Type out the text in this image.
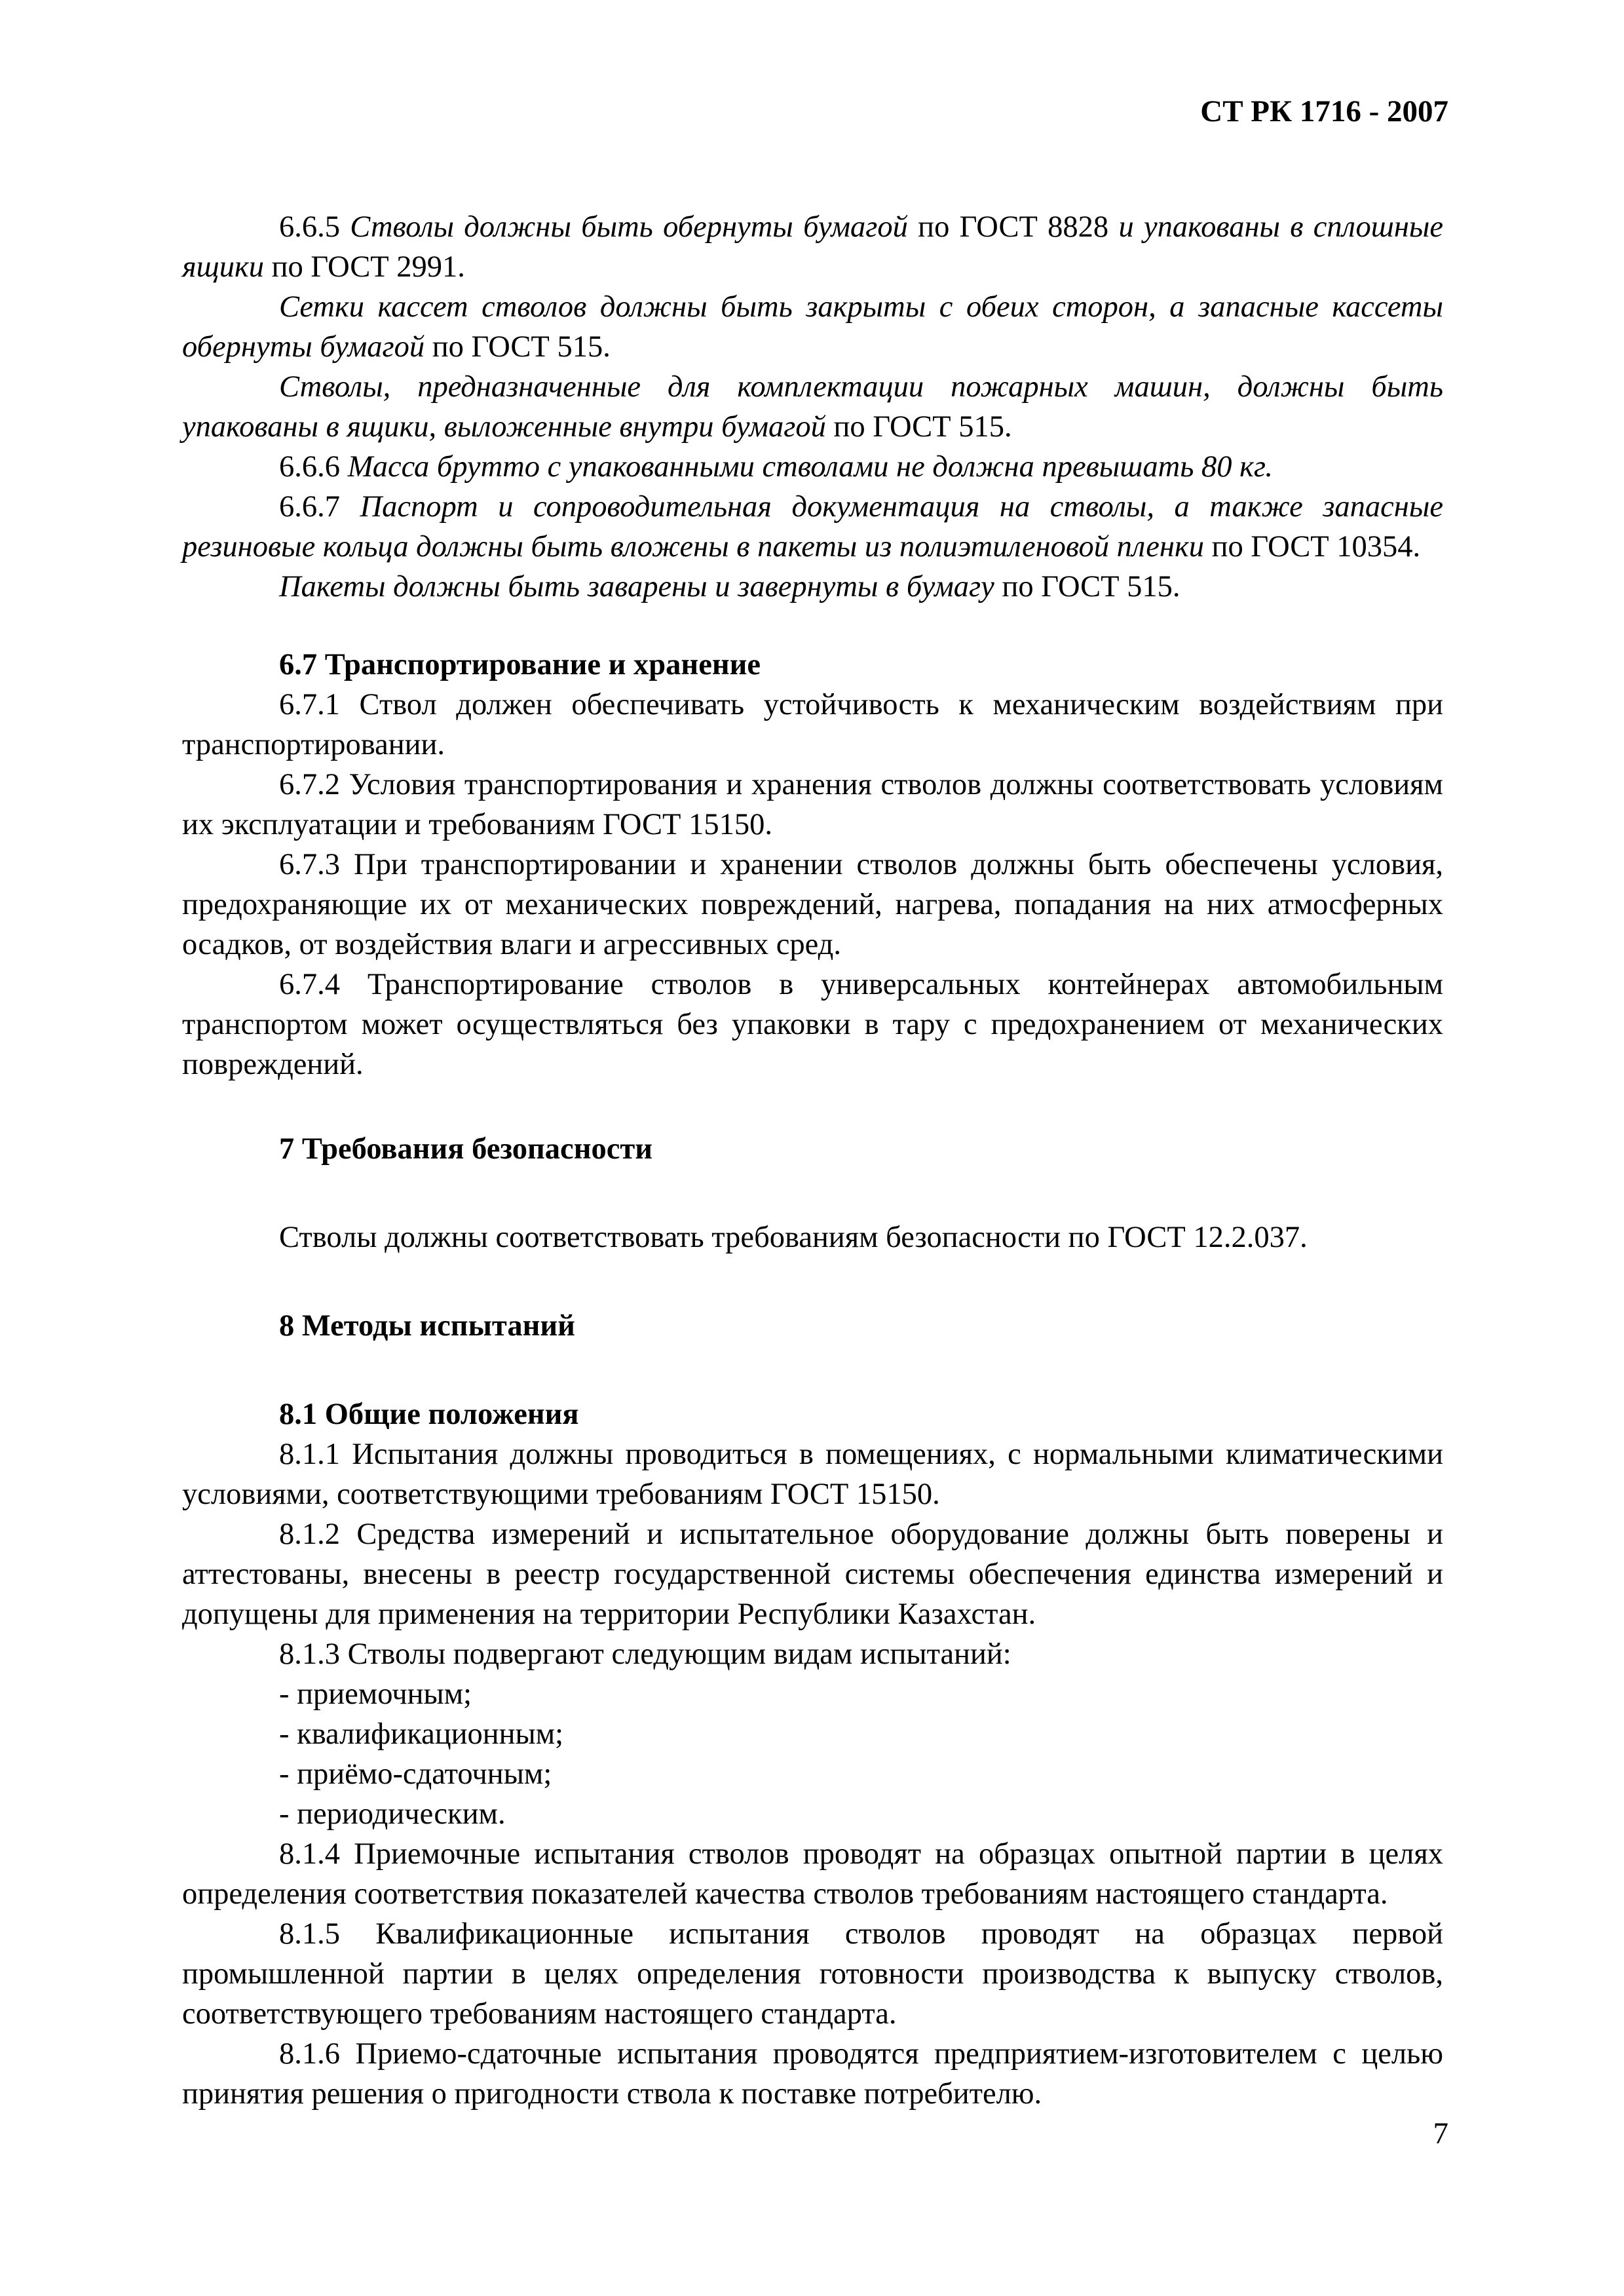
СТ РК 1716 - 2007

6.6.5 Стволы должны быть обернуты бумагой по ГОСТ 8828 и упакованы в сплошные ящики по ГОСТ 2991.

Сетки кассет стволов должны быть закрыты с обеих сторон, а запасные кассеты обернуты бумагой по ГОСТ 515.

Стволы, предназначенные для комплектации пожарных машин, должны быть упакованы в ящики, выложенные внутри бумагой по ГОСТ 515.

6.6.6 Масса брутто с упакованными стволами не должна превышать 80 кг.

6.6.7 Паспорт и сопроводительная документация на стволы, а также запасные резиновые кольца должны быть вложены в пакеты из полиэтиленовой пленки по ГОСТ 10354.

Пакеты должны быть заварены и завернуты в бумагу по ГОСТ 515.

6.7 Транспортирование и хранение

6.7.1 Ствол должен обеспечивать устойчивость к механическим воздействиям при транспортировании.

6.7.2 Условия транспортирования и хранения стволов должны соответствовать условиям их эксплуатации и требованиям ГОСТ 15150.

6.7.3 При транспортировании и хранении стволов должны быть обеспечены условия, предохраняющие их от механических повреждений, нагрева, попадания на них атмосферных осадков, от воздействия влаги и агрессивных сред.

6.7.4 Транспортирование стволов в универсальных контейнерах автомобильным транспортом может осуществляться без упаковки в тару с предохранением от механических повреждений.

7 Требования безопасности

Стволы должны соответствовать требованиям безопасности по ГОСТ 12.2.037.

8 Методы испытаний

8.1 Общие положения

8.1.1 Испытания должны проводиться в помещениях, с нормальными климатическими условиями, соответствующими требованиям ГОСТ 15150.

8.1.2 Средства измерений и испытательное оборудование должны быть поверены и аттестованы, внесены в реестр государственной системы обеспечения единства измерений и допущены для применения на территории Республики Казахстан.

8.1.3 Стволы подвергают следующим видам испытаний:

- приемочным;

- квалификационным;

- приёмо-сдаточным;

- периодическим.

8.1.4 Приемочные испытания стволов проводят на образцах опытной партии в целях определения соответствия показателей качества стволов требованиям настоящего стандарта.

8.1.5 Квалификационные испытания стволов проводят на образцах первой промышленной партии в целях определения готовности производства к выпуску стволов, соответствующего требованиям настоящего стандарта.

8.1.6 Приемо-сдаточные испытания проводятся предприятием-изготовителем с целью принятия решения о пригодности ствола к поставке потребителю.

7
